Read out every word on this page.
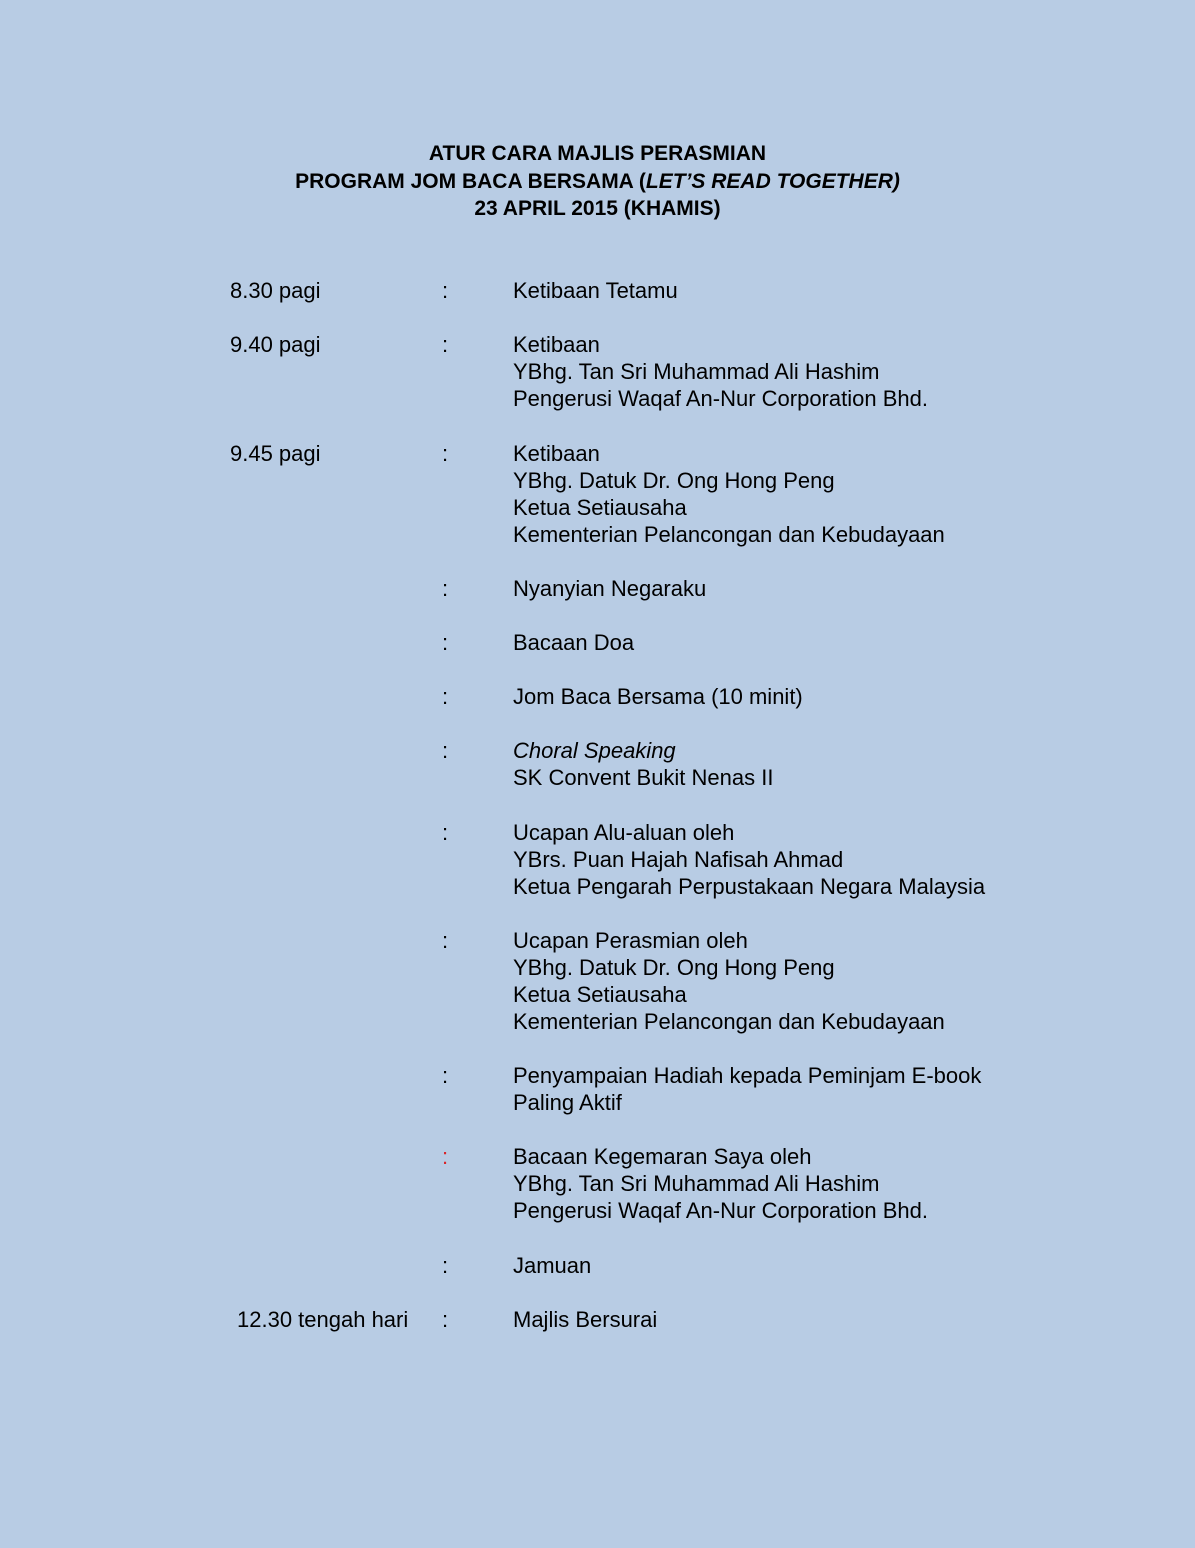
ATUR CARA MAJLIS PERASMIAN
PROGRAM JOM BACA BERSAMA (LET’S READ TOGETHER)
23 APRIL 2015 (KHAMIS)
8.30 pagi	:	Ketibaan Tetamu
9.40 pagi	:	Ketibaan
YBhg. Tan Sri Muhammad Ali Hashim
Pengerusi Waqaf An-Nur Corporation Bhd.
9.45 pagi	:	Ketibaan
YBhg. Datuk Dr. Ong Hong Peng
Ketua Setiausaha
Kementerian Pelancongan dan Kebudayaan
:	Nyanyian Negaraku
:	Bacaan Doa
:	Jom Baca Bersama (10 minit)
:	Choral Speaking
SK Convent Bukit Nenas II
:	Ucapan Alu-aluan oleh
YBrs. Puan Hajah Nafisah Ahmad
Ketua Pengarah Perpustakaan Negara Malaysia
:	Ucapan Perasmian oleh
YBhg. Datuk Dr. Ong Hong Peng
Ketua Setiausaha
Kementerian Pelancongan dan Kebudayaan
:	Penyampaian Hadiah kepada Peminjam E-book
Paling Aktif
:	Bacaan Kegemaran Saya oleh
YBhg. Tan Sri Muhammad Ali Hashim
Pengerusi Waqaf An-Nur Corporation Bhd.
:	Jamuan
12.30 tengah hari :	Majlis Bersurai
